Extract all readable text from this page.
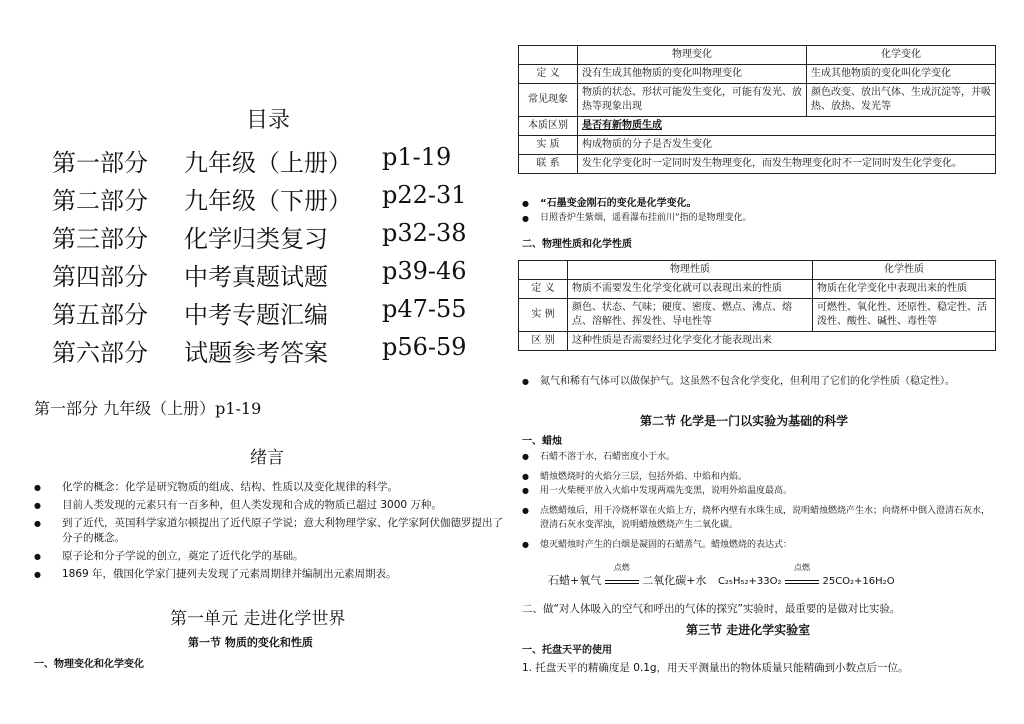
目录
第一部分 九年级（上册） p1-19
第二部分 九年级（下册） p22-31
第三部分 化学归类复习 p32-38
第四部分 中考真题试题 p39-46
第五部分 中考专题汇编 p47-55
第六部分 试题参考答案 p56-59
第一部分 九年级（上册）p1-19
绪言
● 化学的概念：化学是研究物质的组成、结构、性质以及变化规律的科学。
● 目前人类发现的元素只有一百多种，但人类发现和合成的物质已超过 3000 万种。
● 到了近代，英国科学家道尔顿提出了近代原子学说；意大利物理学家、化学家阿伏伽德罗提出了分子的概念。
● 原子论和分子学说的创立，奠定了近代化学的基础。
● 1869 年，俄国化学家门捷列夫发现了元素周期律并编制出元素周期表。
第一单元 走进化学世界
第一节 物质的变化和性质
一、物理变化和化学变化
	物理变化	化学变化
定 义	没有生成其他物质的变化叫物理变化	生成其他物质的变化叫化学变化
常见现象	物质的状态、形状可能发生变化，可能有发光、放热等现象出现	颜色改变、放出气体、生成沉淀等，并吸热、放热、发光等
本质区别	是否有新物质生成	
实 质	构成物质的分子是否发生变化	
联 系	发生化学变化时一定同时发生物理变化，而发生物理变化时不一定同时发生化学变化。	
● “石墨变金刚石的变化是化学变化。
● 日照香炉生紫烟，遥看瀑布挂前川”指的是物理变化。
二、物理性质和化学性质
	物理性质	化学性质
定 义	物质不需要发生化学变化就可以表现出来的性质	物质在化学变化中表现出来的性质
实 例	颜色、状态、气味；硬度、密度、燃点、沸点、熔点、溶解性、挥发性、导电性等	可燃性、氧化性、还原性、稳定性、活泼性、酸性、碱性、毒性等
区 别	这种性质是否需要经过化学变化才能表现出来	
● 氮气和稀有气体可以做保护气。这虽然不包含化学变化，但利用了它们的化学性质（稳定性）。
第二节 化学是一门以实验为基础的科学
一、蜡烛
● 石蜡不溶于水，石蜡密度小于水。
● 蜡烛燃烧时的火焰分三层，包括外焰、中焰和内焰。
● 用一火柴梗平放入火焰中发现两端先变黑，说明外焰温度最高。
● 点燃蜡烛后，用干冷烧杯罩在火焰上方，烧杯内壁有水珠生成，说明蜡烛燃烧产生水；向烧杯中倒入澄清石灰水，澄清石灰水变浑浊，说明蜡烛燃烧产生二氧化碳。
● 熄灭蜡烛时产生的白烟是凝固的石蜡蒸气。蜡烛燃烧的表达式：
石蜡+氧气
点燃
二氧化碳+水 C₂₅H₅₂+33O₂
点燃
25CO₂+16H₂O
二、做“对人体吸入的空气和呼出的气体的探究”实验时，最重要的是做对比实验。
第三节 走进化学实验室
一、托盘天平的使用
1. 托盘天平的精确度是 0.1g，用天平测量出的物体质量只能精确到小数点后一位。
